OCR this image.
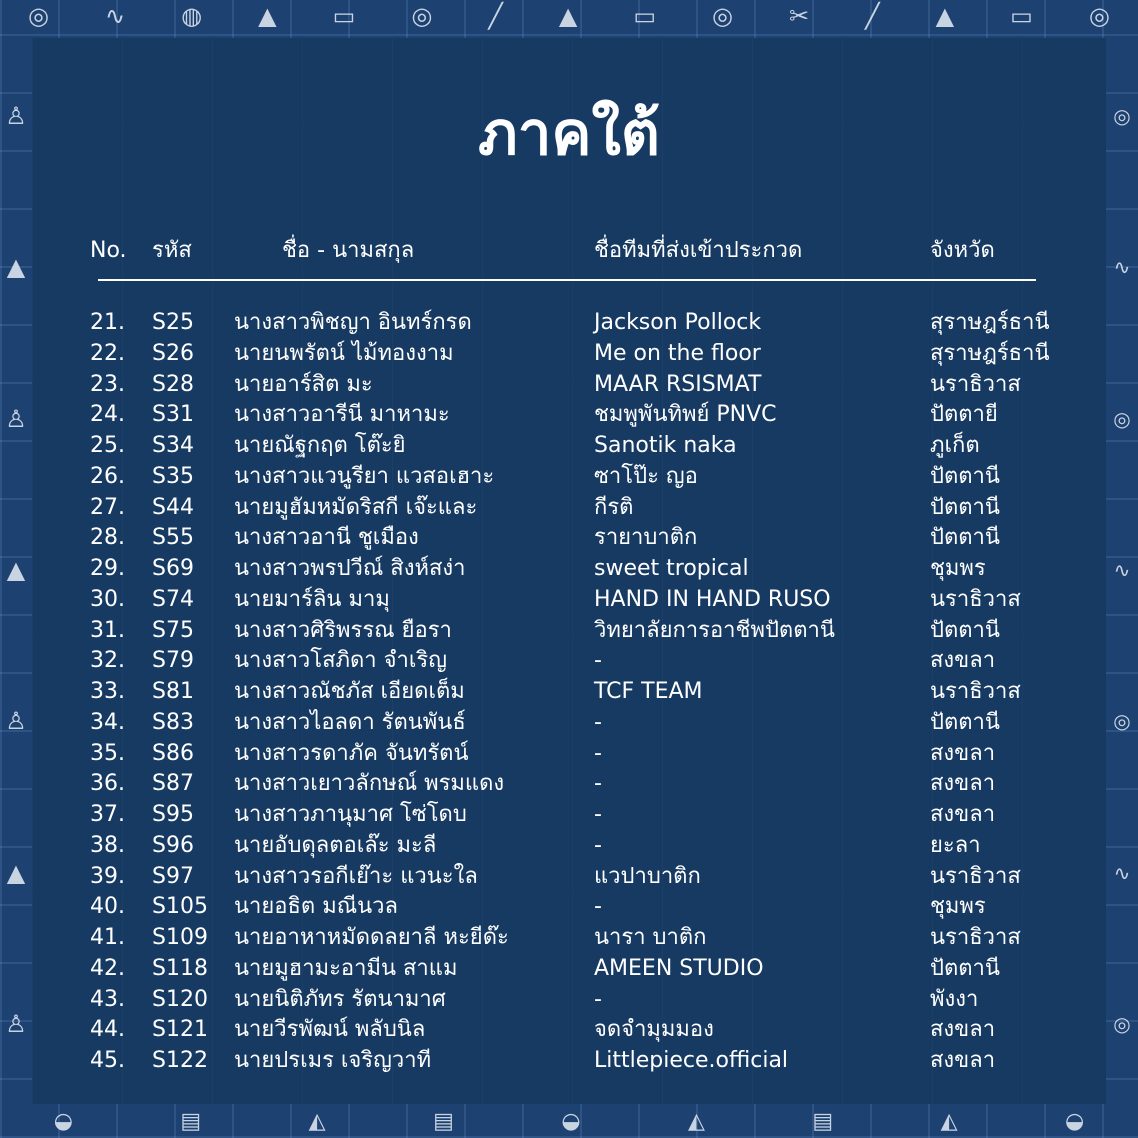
◎ ∿ ◍ ▲ ▭ ◎ ╱ ▲ ▭ ◎ ✂ ╱ ▲ ▭ ◎
♙
▲
♙
▲
♙
▲
♙
◎
∿
◎
∿
◎
∿
◎
◒	▤	◭	▤	◒	◭	▤	◭	◒
ภาคใต้
No. รหัส	ชื่อ - นามสกุล	ชื่อทีมที่ส่งเข้าประกวด	จังหวัด
21. S25 นางสาวพิชญา อินทร์กรด	Jackson Pollock	สุราษฎร์ธานี
22. S26 นายนพรัตน์ ไม้ทองงาม	Me on the floor	สุราษฎร์ธานี
23. S28 นายอาร์สิต มะ	MAAR RSISMAT	นราธิวาส
24. S31 นางสาวอารีนี มาหามะ	ชมพูพันทิพย์ PNVC	ปัตตายี
25. S34 นายณัฐกฤต โต๊ะยิ	Sanotik naka	ภูเก็ต
26. S35 นางสาวแวนูรียา แวสอเฮาะ	ซาโป๊ะ ญอ	ปัตตานี
27. S44 นายมูฮัมหมัดริสกี เจ๊ะและ	กีรติ	ปัตตานี
28. S55 นางสาวอานี ชูเมือง	รายาบาติก	ปัตตานี
29. S69 นางสาวพรปวีณ์ สิงห์สง่า	sweet tropical	ชุมพร
30. S74 นายมาร์ลิน มามุ	HAND IN HAND RUSO	นราธิวาส
31. S75 นางสาวศิริพรรณ ยือรา	วิทยาลัยการอาชีพปัตตานี	ปัตตานี
32. S79 นางสาวโสภิดา จำเริญ	-	สงขลา
33. S81 นางสาวณัชภัส เอียดเต็ม	TCF TEAM	นราธิวาส
34. S83 นางสาวไอลดา รัตนพันธ์	-	ปัตตานี
35. S86 นางสาวรดาภัค จันทรัตน์	-	สงขลา
36. S87 นางสาวเยาวลักษณ์ พรมแดง	-	สงขลา
37. S95 นางสาวภานุมาศ โซ่โดบ	-	สงขลา
38. S96 นายอับดุลตอเล๊ะ มะลี	-	ยะลา
39. S97 นางสาวรอกีเย๊าะ แวนะใล	แวปาบาติก	นราธิวาส
40. S105 นายอธิต มณีนวล	-	ชุมพร
41. S109 นายอาหาหมัดดลยาลี หะยีด๊ะ	นารา บาติก	นราธิวาส
42. S118 นายมูฮามะอามีน สาแม	AMEEN STUDIO	ปัตตานี
43. S120 นายนิติภัทร รัตนามาศ	-	พังงา
44. S121 นายวีรพัฒน์ พลับนิล	จดจำมุมมอง	สงขลา
45. S122 นายปรเมร เจริญวาที	Littlepiece.official	สงขลา
